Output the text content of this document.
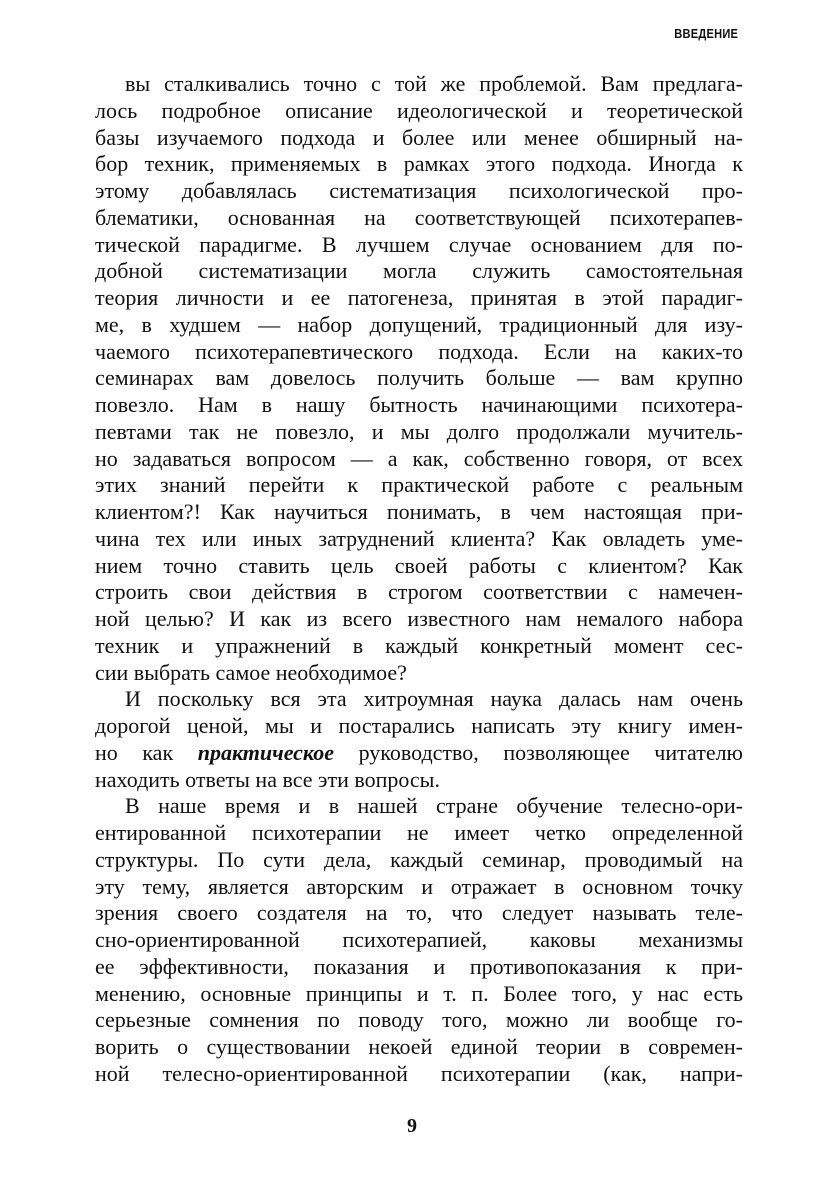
ВВЕДЕНИЕ
вы сталкивались точно с той же проблемой. Вам предлага-
лось подробное описание идеологической и теоретической
базы изучаемого подхода и более или менее обширный на-
бор техник, применяемых в рамках этого подхода. Иногда к
этому добавлялась систематизация психологической про-
блематики, основанная на соответствующей психотерапев-
тической парадигме. В лучшем случае основанием для по-
добной систематизации могла служить самостоятельная
теория личности и ее патогенеза, принятая в этой парадиг-
ме, в худшем — набор допущений, традиционный для изу-
чаемого психотерапевтического подхода. Если на каких-то
семинарах вам довелось получить больше — вам крупно
повезло. Нам в нашу бытность начинающими психотера-
певтами так не повезло, и мы долго продолжали мучитель-
но задаваться вопросом — а как, собственно говоря, от всех
этих знаний перейти к практической работе с реальным
клиентом?! Как научиться понимать, в чем настоящая при-
чина тех или иных затруднений клиента? Как овладеть уме-
нием точно ставить цель своей работы с клиентом? Как
строить свои действия в строгом соответствии с намечен-
ной целью? И как из всего известного нам немалого набора
техник и упражнений в каждый конкретный момент сес-
сии выбрать самое необходимое?
И поскольку вся эта хитроумная наука далась нам очень
дорогой ценой, мы и постарались написать эту книгу имен-
но как практическое руководство, позволяющее читателю
находить ответы на все эти вопросы.
В наше время и в нашей стране обучение телесно-ори-
ентированной психотерапии не имеет четко определенной
структуры. По сути дела, каждый семинар, проводимый на
эту тему, является авторским и отражает в основном точку
зрения своего создателя на то, что следует называть теле-
сно-ориентированной психотерапией, каковы механизмы
ее эффективности, показания и противопоказания к при-
менению, основные принципы и т. п. Более того, у нас есть
серьезные сомнения по поводу того, можно ли вообще го-
ворить о существовании некоей единой теории в современ-
ной телесно-ориентированной психотерапии (как, напри-
9
